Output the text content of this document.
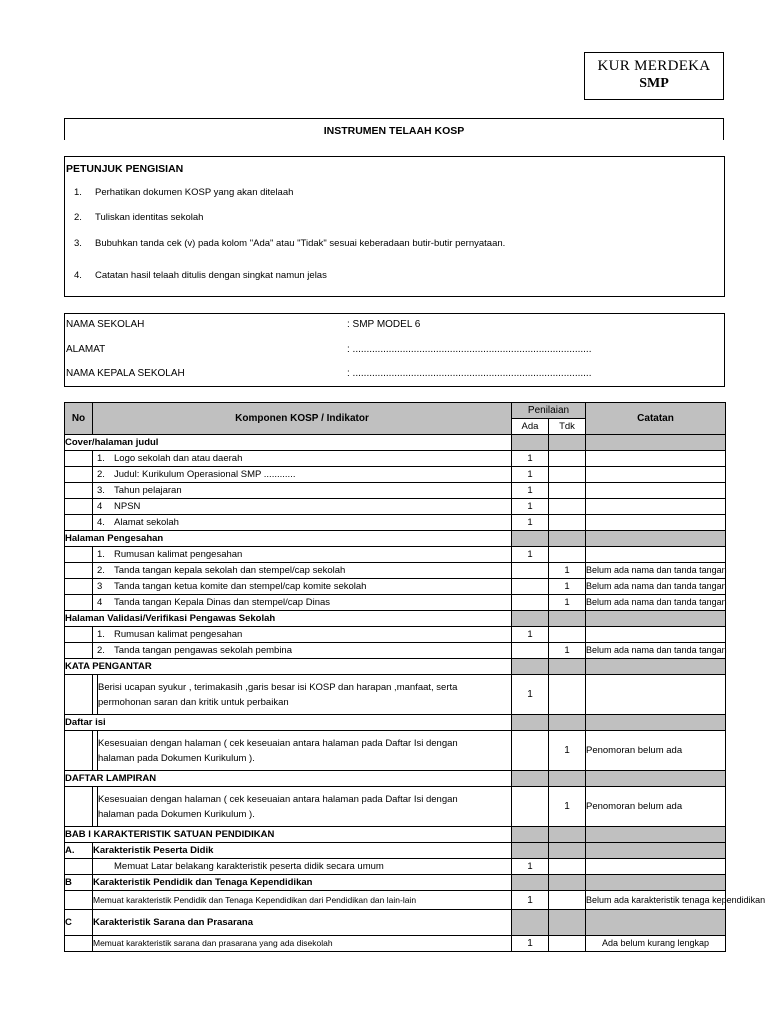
KUR MERDEKA
SMP
INSTRUMEN TELAAH KOSP
PETUNJUK PENGISIAN
1. Perhatikan dokumen KOSP yang akan ditelaah
2. Tuliskan identitas sekolah
3. Bubuhkan tanda cek (v) pada kolom "Ada" atau "Tidak" sesuai keberadaan butir-butir pernyataan.
4. Catatan hasil telaah ditulis dengan singkat namun jelas
NAMA SEKOLAH	: SMP MODEL 6
ALAMAT	: ......................................................................................
NAMA KEPALA SEKOLAH	: ......................................................................................
No	Komponen KOSP / Indikator		Penilaian		Catatan
			Ada	Tdk	
Cover/halaman judul					
	1. Logo sekolah dan atau daerah		1		
	2. Judul: Kurikulum Operasional SMP ............		1		
	3. Tahun pelajaran		1		
	4 NPSN		1		
	4. Alamat sekolah		1		
Halaman Pengesahan					
	1. Rumusan kalimat pengesahan		1		
	2. Tanda tangan kepala sekolah dan stempel/cap sekolah			1	Belum ada nama dan tanda tangan
	3 Tanda tangan ketua komite dan stempel/cap komite sekolah			1	Belum ada nama dan tanda tangan
	4 Tanda tangan Kepala Dinas dan stempel/cap Dinas			1	Belum ada nama dan tanda tangan
Halaman Validasi/Verifikasi Pengawas Sekolah					
	1. Rumusan kalimat pengesahan		1		
	2. Tanda tangan pengawas sekolah pembina			1	Belum ada nama dan tanda tangan
KATA PENGANTAR					

		Berisi ucapan syukur , terimakasih ,garis besar isi KOSP dan harapan ,manfaat, serta
permohonan saran dan kritik untuk perbaikan	1		
Daftar isi					

		Kesesuaian dengan halaman ( cek keseuaian antara halaman pada Daftar Isi dengan
halaman pada Dokumen Kurikulum ).		1	Penomoran belum ada
DAFTAR LAMPIRAN					

		Kesesuaian dengan halaman ( cek keseuaian antara halaman pada Daftar Isi dengan
halaman pada Dokumen Kurikulum ).		1	Penomoran belum ada
BAB I KARAKTERISTIK SATUAN PENDIDIKAN					
A.	Karakteristik Peserta Didik				
	Memuat Latar belakang karakteristik peserta didik secara umum		1		
B	Karakteristik Pendidik dan Tenaga Kependidikan				
	Memuat karakteristik Pendidik dan Tenaga Kependidikan dari Pendidikan dan lain-lain		1		Belum ada karakteristik tenaga kependidikan
C	Karakteristik Sarana dan Prasarana				
	Memuat karakteristik sarana dan prasarana yang ada disekolah		1		Ada belum kurang lengkap
